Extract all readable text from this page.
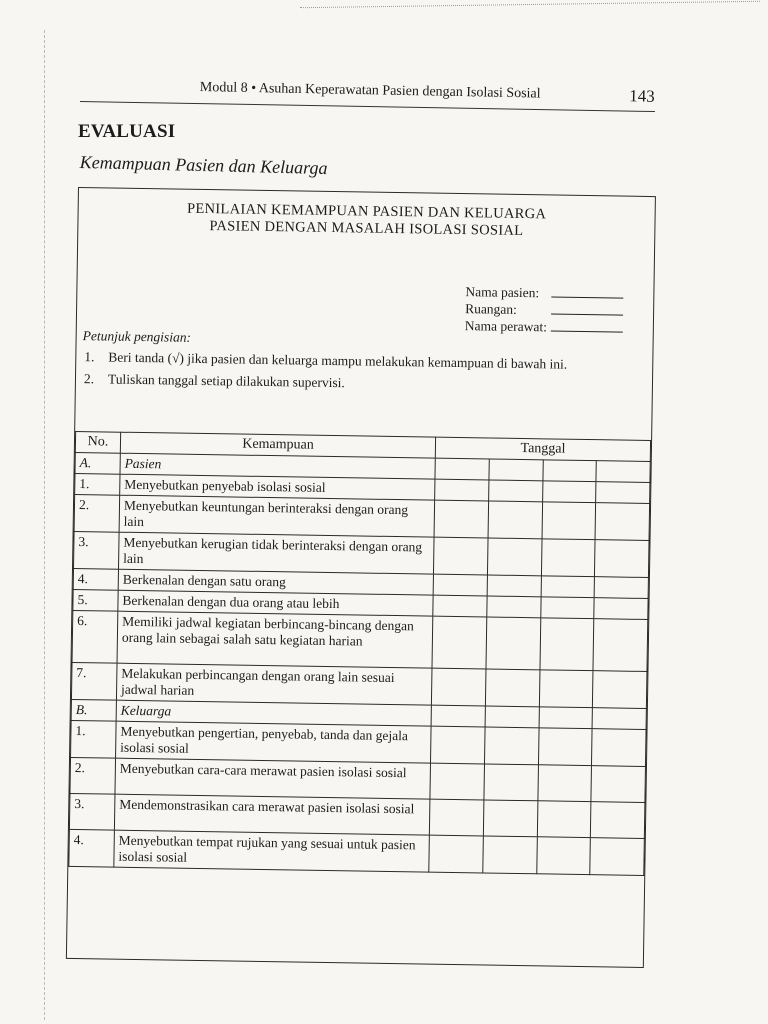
Modul 8 • Asuhan Keperawatan Pasien dengan Isolasi Sosial	143
EVALUASI
Kemampuan Pasien dan Keluarga
PENILAIAN KEMAMPUAN PASIEN DAN KELUARGA
PASIEN DENGAN MASALAH ISOLASI SOSIAL
Nama pasien:
Ruangan:
Nama perawat:
Petunjuk pengisian:
1. Beri tanda (√) jika pasien dan keluarga mampu melakukan kemampuan di bawah ini.
2. Tuliskan tanggal setiap dilakukan supervisi.
No.	Kemampuan	Tanggal			
A.	Pasien				
1.	Menyebutkan penyebab isolasi sosial				
2.	Menyebutkan keuntungan berinteraksi dengan orang lain				
3.	Menyebutkan kerugian tidak berinteraksi dengan orang lain				
4.	Berkenalan dengan satu orang				
5.	Berkenalan dengan dua orang atau lebih				
6.	Memiliki jadwal kegiatan berbincang-bincang dengan orang lain sebagai salah satu kegiatan harian				
7.	Melakukan perbincangan dengan orang lain sesuai jadwal harian				
B.	Keluarga				
1.	Menyebutkan pengertian, penyebab, tanda dan gejala isolasi sosial				
2.	Menyebutkan cara-cara merawat pasien isolasi sosial				
3.	Mendemonstrasikan cara merawat pasien isolasi sosial				
4.	Menyebutkan tempat rujukan yang sesuai untuk pasien isolasi sosial				
